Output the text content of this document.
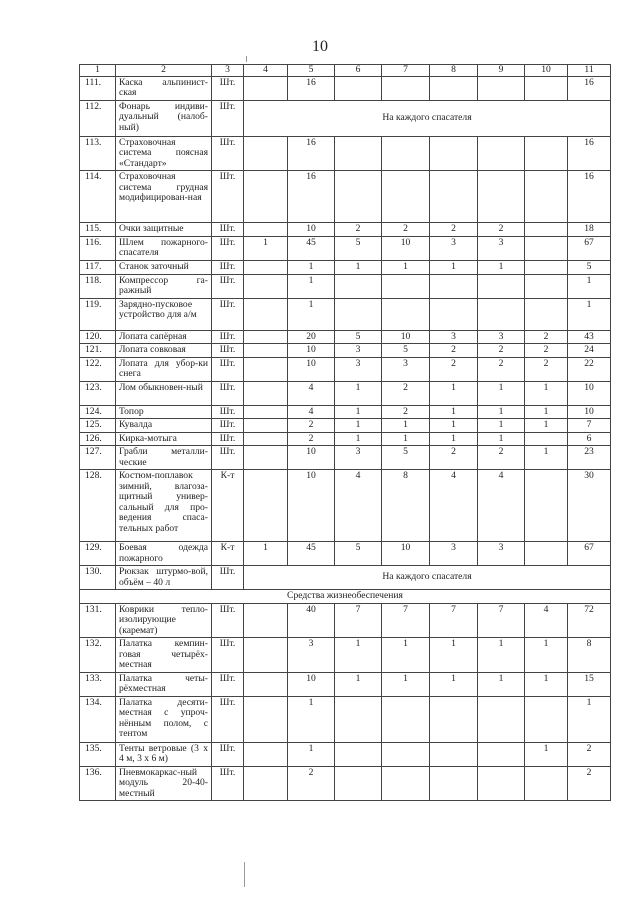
10
1	2	3	4	5	6	7	8	9	10	11
111.	Каска альпинист-ская	Шт.		16						16
112.	Фонарь индиви-дуальный (налоб-ный)	Шт.	На каждого спасателя							
113.	Страховочная система поясная «Стандарт»	Шт.		16						16
114.	Страховочная система грудная модифицирован-ная	Шт.		16						16
115.	Очки защитные	Шт.		10	2	2	2	2		18
116.	Шлем пожарного-спасателя	Шт.	1	45	5	10	3	3		67
117.	Станок заточный	Шт.		1	1	1	1	1		5
118.	Компрессор га-ражный	Шт.		1						1
119.	Зарядно-пусковое устройство для а/м	Шт.		1						1
120.	Лопата сапёрная	Шт.		20	5	10	3	3	2	43
121.	Лопата совковая	Шт.		10	3	5	2	2	2	24
122.	Лопата для убор-ки снега	Шт.		10	3	3	2	2	2	22
123.	Лом обыкновен-ный	Шт.		4	1	2	1	1	1	10
124.	Топор	Шт.		4	1	2	1	1	1	10
125.	Кувалда	Шт.		2	1	1	1	1	1	7
126.	Кирка-мотыга	Шт.		2	1	1	1	1		6
127.	Грабли металли-ческие	Шт.		10	3	5	2	2	1	23
128.	Костюм-поплавок зимний, влагоза-щитный универ-сальный для про-ведения спаса-тельных работ	К-т		10	4	8	4	4		30
129.	Боевая одежда пожарного	К-т	1	45	5	10	3	3		67
130.	Рюкзак штурмо-вой, объём – 40 л	Шт.	На каждого спасателя							
Средства жизнеобеспечения										
131.	Коврики тепло-изолирующие (каремат)	Шт.		40	7	7	7	7	4	72
132.	Палатка кемпин-говая четырёх-местная	Шт.		3	1	1	1	1	1	8
133.	Палатка четы-рёхместная	Шт.		10	1	1	1	1	1	15
134.	Палатка десяти-местная с упроч-нённым полом, с тентом	Шт.		1						1
135.	Тенты ветровые (3 х 4 м, 3 х 6 м)	Шт.		1					1	2
136.	Пневмокаркас-ный модуль 20-40-местный	Шт.		2						2
